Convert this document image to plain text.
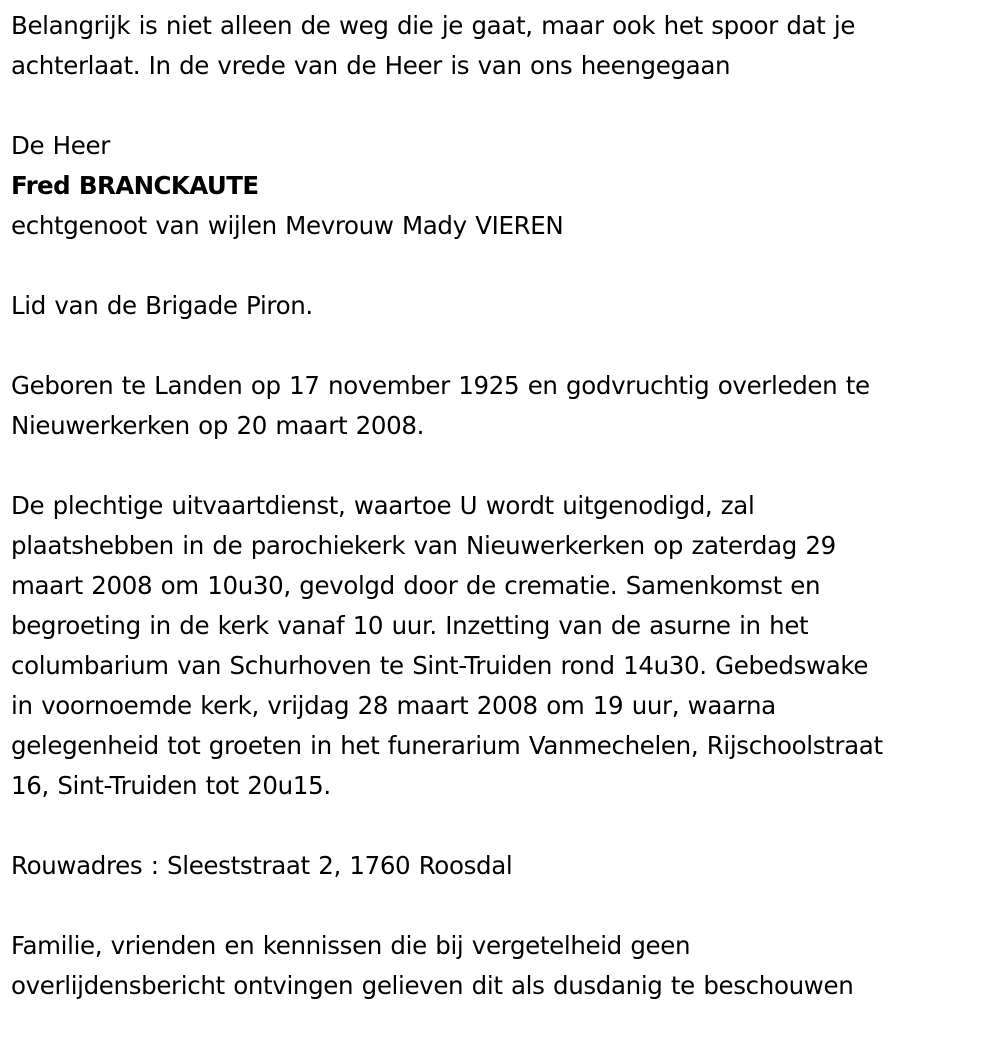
Belangrijk is niet alleen de weg die je gaat, maar ook het spoor dat je
achterlaat. In de vrede van de Heer is van ons heengegaan
De Heer
Fred BRANCKAUTE
echtgenoot van wijlen Mevrouw Mady VIEREN
Lid van de Brigade Piron.
Geboren te Landen op 17 november 1925 en godvruchtig overleden te
Nieuwerkerken op 20 maart 2008.
De plechtige uitvaartdienst, waartoe U wordt uitgenodigd, zal
plaatshebben in de parochiekerk van Nieuwerkerken op zaterdag 29
maart 2008 om 10u30, gevolgd door de crematie. Samenkomst en
begroeting in de kerk vanaf 10 uur. Inzetting van de asurne in het
columbarium van Schurhoven te Sint-Truiden rond 14u30. Gebedswake
in voornoemde kerk, vrijdag 28 maart 2008 om 19 uur, waarna
gelegenheid tot groeten in het funerarium Vanmechelen, Rijschoolstraat
16, Sint-Truiden tot 20u15.
Rouwadres : Sleeststraat 2, 1760 Roosdal
Familie, vrienden en kennissen die bij vergetelheid geen
overlijdensbericht ontvingen gelieven dit als dusdanig te beschouwen
